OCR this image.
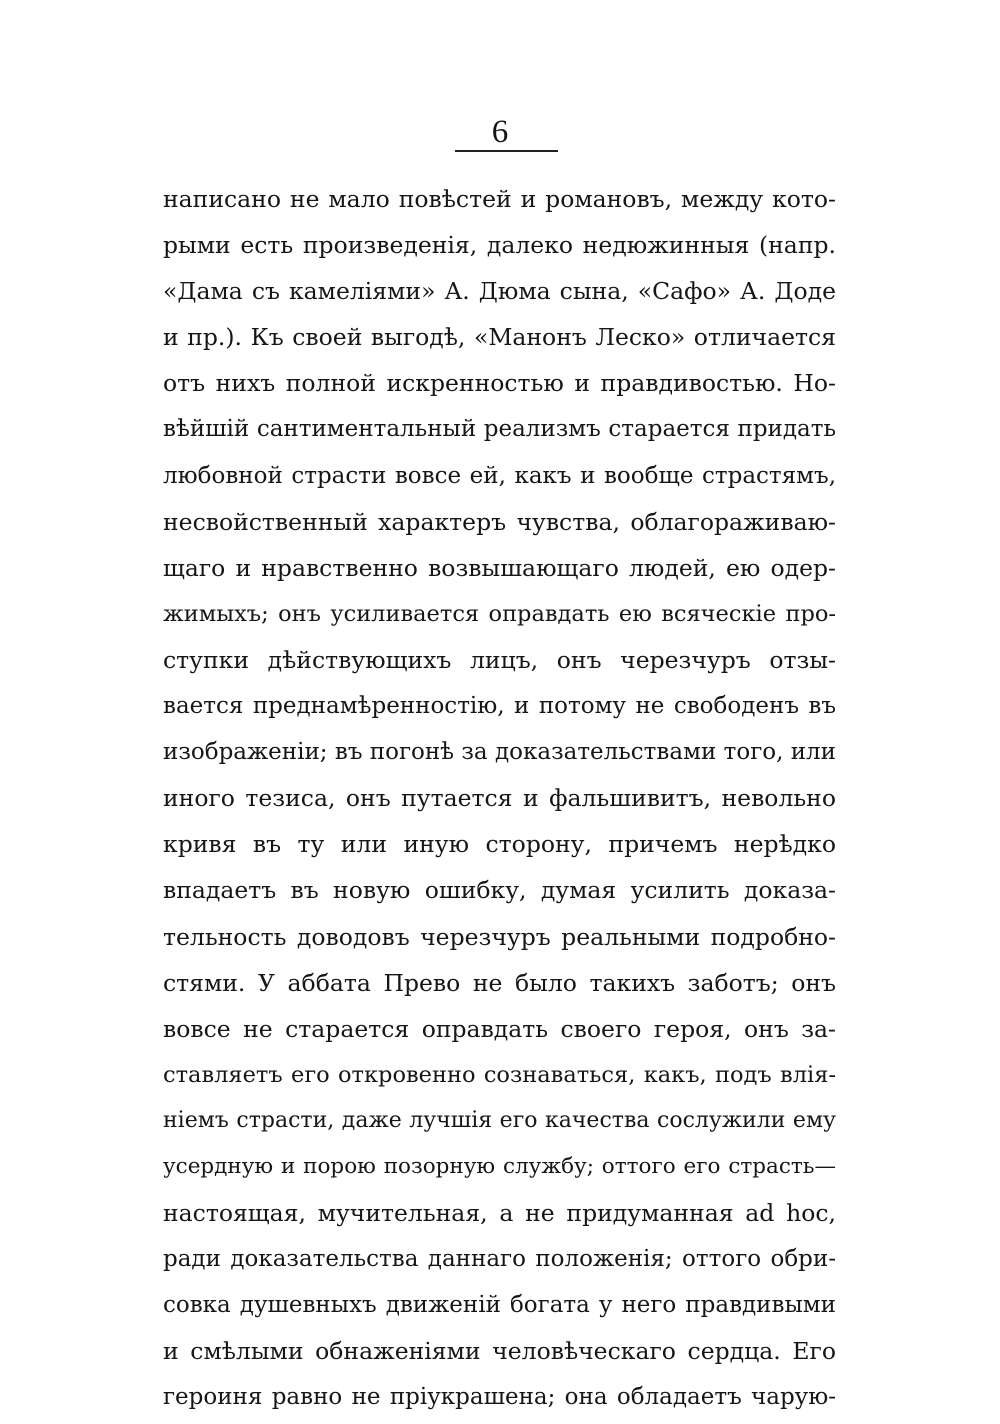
6
написано не мало повѣстей и романовъ, между кото-
рыми есть произведенія, далеко недюжинныя (напр.
«Дама съ камеліями» А. Дюма сына, «Сафо» А. Доде
и пр.). Къ своей выгодѣ, «Манонъ Леско» отличается
отъ нихъ полной искренностью и правдивостью. Но-
вѣйшій сантиментальный реализмъ старается придать
любовной страсти вовсе ей, какъ и вообще страстямъ,
несвойственный характеръ чувства, облагораживаю-
щаго и нравственно возвышающаго людей, ею одер-
жимыхъ; онъ усиливается оправдать ею всяческіе про-
ступки дѣйствующихъ лицъ, онъ черезчуръ отзы-
вается преднамѣренностію, и потому не свободенъ въ
изображеніи; въ погонѣ за доказательствами того, или
иного тезиса, онъ путается и фальшивитъ, невольно
кривя въ ту или иную сторону, причемъ нерѣдко
впадаетъ въ новую ошибку, думая усилить доказа-
тельность доводовъ черезчуръ реальными подробно-
стями. У аббата Прево не было такихъ заботъ; онъ
вовсе не старается оправдать своего героя, онъ за-
ставляетъ его откровенно сознаваться, какъ, подъ влія-
ніемъ страсти, даже лучшія его качества сослужили ему
усердную и порою позорную службу; оттого его страсть—
настоящая, мучительная, а не придуманная ad hoc,
ради доказательства даннаго положенія; оттого обри-
совка душевныхъ движеній богата у него правдивыми
и смѣлыми обнаженіями человѣческаго сердца. Его
героиня равно не пріукрашена; она обладаетъ чарую-
